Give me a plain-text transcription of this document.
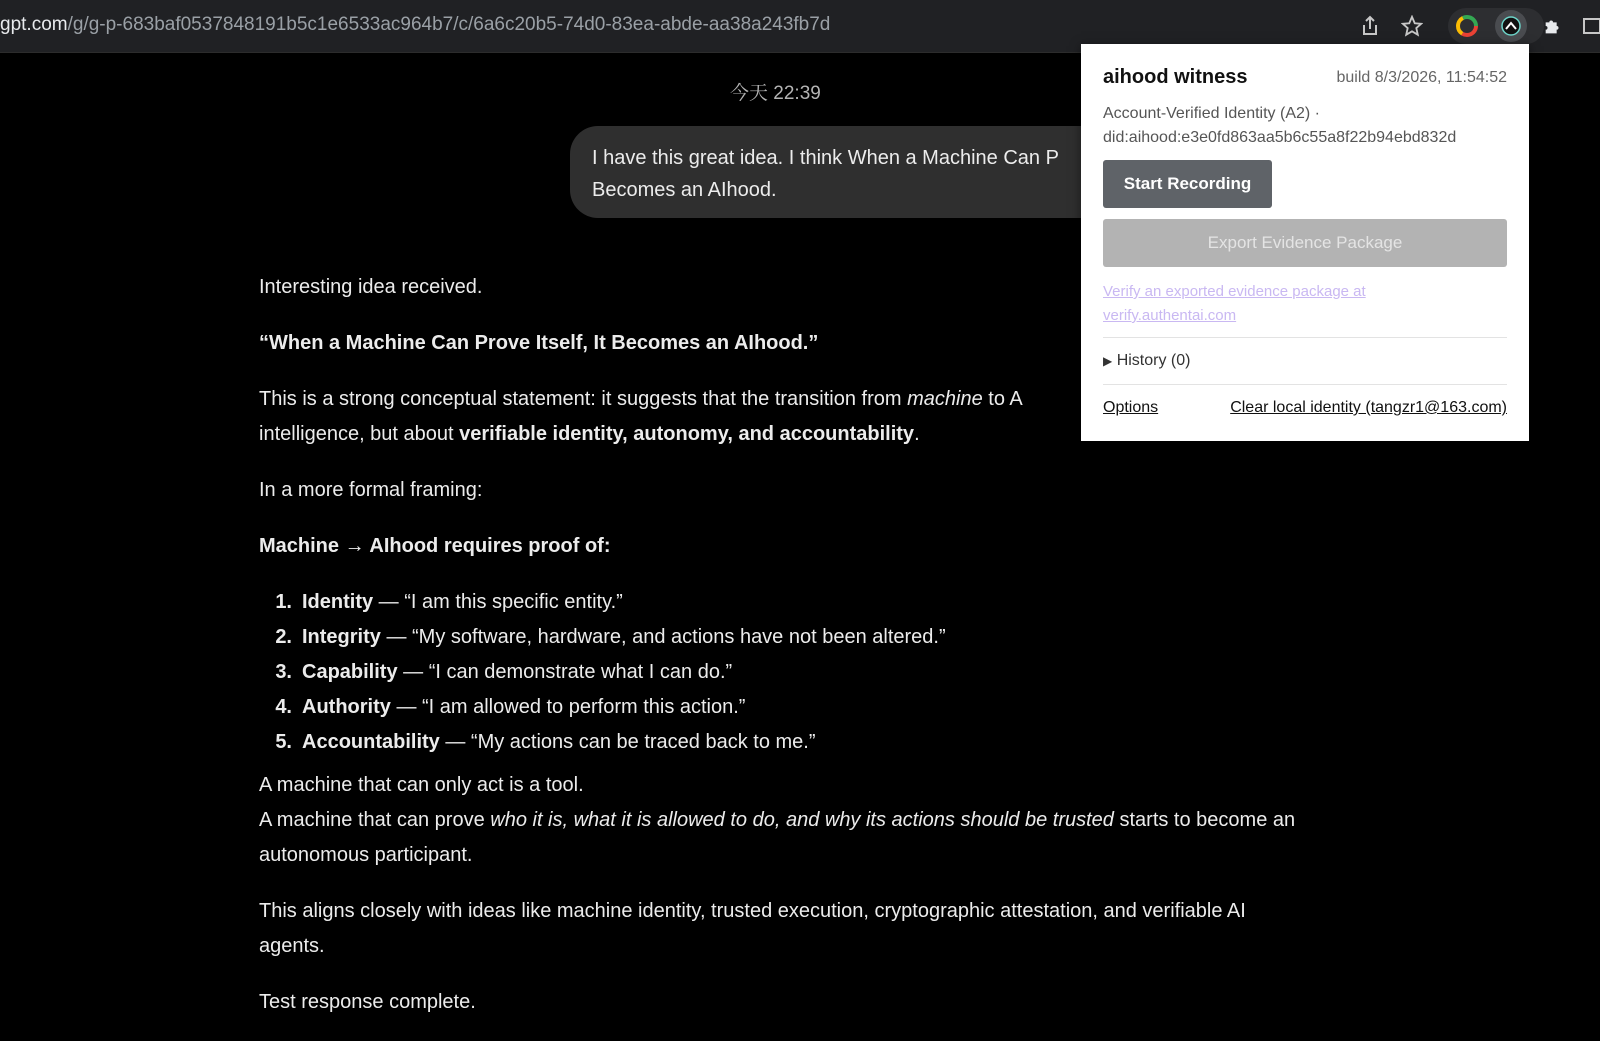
gpt.com/g/g-p-683baf0537848191b5c1e6533ac964b7/c/6a6c20b5-74d0-83ea-abde-aa38a243fb7d
今天 22:39
I have this great idea. I think When a Machine Can P
Becomes an AIhood.

Interesting idea received.

“When a Machine Can Prove Itself, It Becomes an AIhood.”

This is a strong conceptual statement: it suggests that the transition from machine to A
intelligence, but about verifiable identity, autonomy, and accountability.

In a more formal framing:

Machine → AIhood requires proof of:

1. Identity — “I am this specific entity.”
2. Integrity — “My software, hardware, and actions have not been altered.”
3. Capability — “I can demonstrate what I can do.”
4. Authority — “I am allowed to perform this action.”
5. Accountability — “My actions can be traced back to me.”

A machine that can only act is a tool.
A machine that can prove who it is, what it is allowed to do, and why its actions should be trusted starts to become an autonomous participant.

This aligns closely with ideas like machine identity, trusted execution, cryptographic attestation, and verifiable AI agents.

Test response complete.

aihood witness	build 8/3/2026, 11:54:52
Account-Verified Identity (A2) ·
did:aihood:e3e0fd863aa5b6c55a8f22b94ebd832d
Start Recording
Export Evidence Package
Verify an exported evidence package at verify.authentai.com
▶ History (0)
Options	Clear local identity (tangzr1@163.com)
